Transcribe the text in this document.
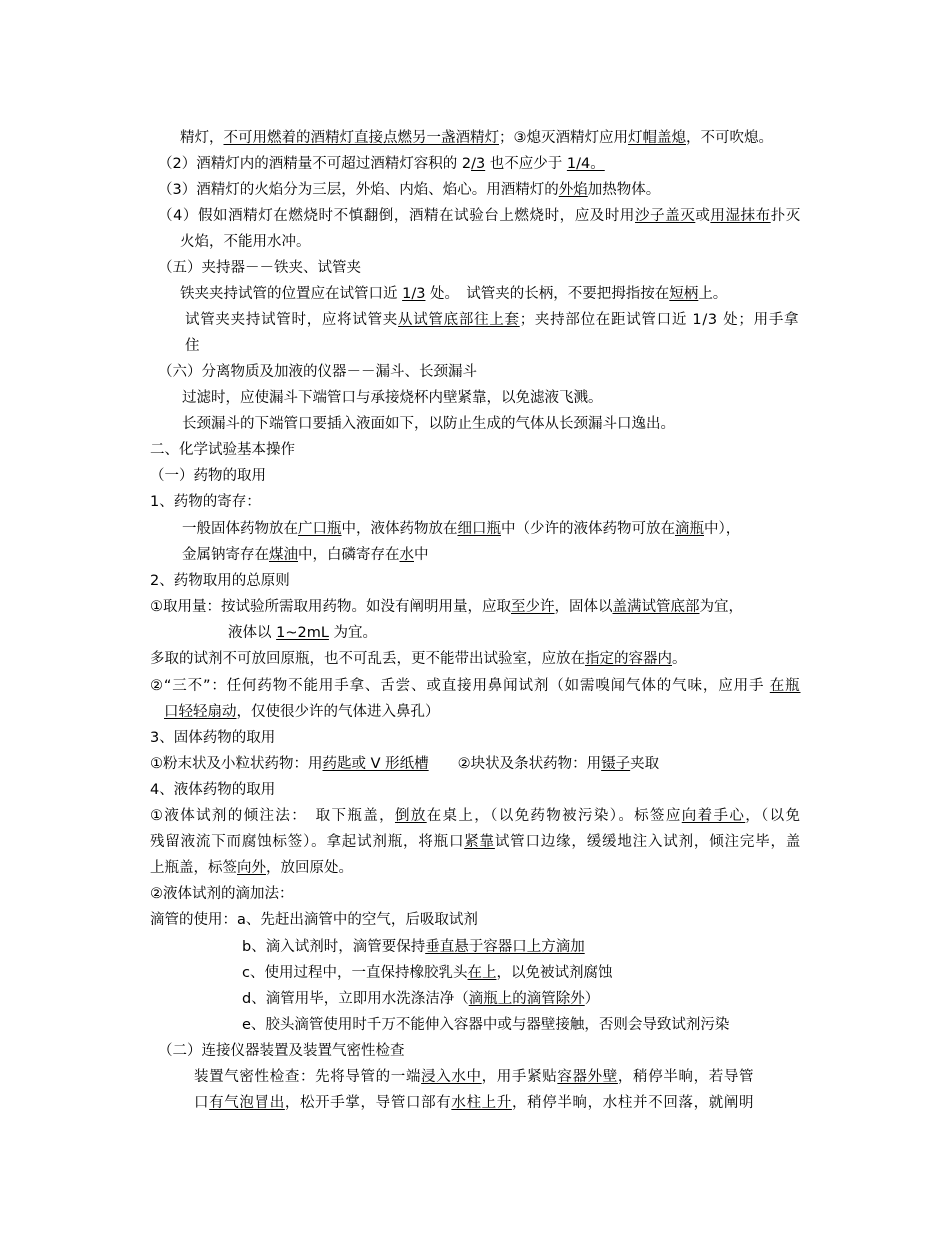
精灯，不可用燃着的酒精灯直接点燃另一盏酒精灯；③熄灭酒精灯应用灯帽盖熄，不可吹熄。
（2）酒精灯内的酒精量不可超过酒精灯容积的 2/3 也不应少于 1/4。
（3）酒精灯的火焰分为三层，外焰、内焰、焰心。用酒精灯的外焰加热物体。
（4）假如酒精灯在燃烧时不慎翻倒，酒精在试验台上燃烧时，应及时用沙子盖灭或用湿抹布扑灭
火焰，不能用水冲。
（五）夹持器－－铁夹、试管夹
铁夹夹持试管的位置应在试管口近 1/3 处。　试管夹的长柄，不要把拇指按在短柄上。
试管夹夹持试管时，应将试管夹从试管底部往上套；夹持部位在距试管口近 1/3 处；用手拿
住
（六）分离物质及加液的仪器－－漏斗、长颈漏斗
过滤时，应使漏斗下端管口与承接烧杯内壁紧靠，以免滤液飞溅。
长颈漏斗的下端管口要插入液面如下，以防止生成的气体从长颈漏斗口逸出。
二、化学试验基本操作
（一）药物的取用
1、药物的寄存：
一般固体药物放在广口瓶中，液体药物放在细口瓶中（少许的液体药物可放在滴瓶中），
金属钠寄存在煤油中，白磷寄存在水中
2、药物取用的总原则
①取用量：按试验所需取用药物。如没有阐明用量，应取至少许，固体以盖满试管底部为宜，
液体以 1~2mL 为宜。
多取的试剂不可放回原瓶，也不可乱丢，更不能带出试验室，应放在指定的容器内。
②“三不”：任何药物不能用手拿、舌尝、或直接用鼻闻试剂（如需嗅闻气体的气味，应用手 在瓶
口轻轻扇动，仅使很少许的气体进入鼻孔）
3、固体药物的取用
①粉末状及小粒状药物：用药匙或 V 形纸槽　　②块状及条状药物：用镊子夹取
4、液体药物的取用
①液体试剂的倾注法：　取下瓶盖，倒放在桌上，（以免药物被污染）。标签应向着手心，（以免
残留液流下而腐蚀标签）。拿起试剂瓶，将瓶口紧靠试管口边缘，缓缓地注入试剂，倾注完毕，盖
上瓶盖，标签向外，放回原处。
②液体试剂的滴加法：
滴管的使用：a、先赶出滴管中的空气，后吸取试剂
b、滴入试剂时，滴管要保持垂直悬于容器口上方滴加
c、使用过程中，一直保持橡胶乳头在上，以免被试剂腐蚀
d、滴管用毕，立即用水洗涤洁净（滴瓶上的滴管除外）
e、胶头滴管使用时千万不能伸入容器中或与器壁接触，否则会导致试剂污染
（二）连接仪器装置及装置气密性检查
装置气密性检查：先将导管的一端浸入水中，用手紧贴容器外壁，稍停半晌，若导管
口有气泡冒出，松开手掌，导管口部有水柱上升，稍停半晌，水柱并不回落，就阐明
